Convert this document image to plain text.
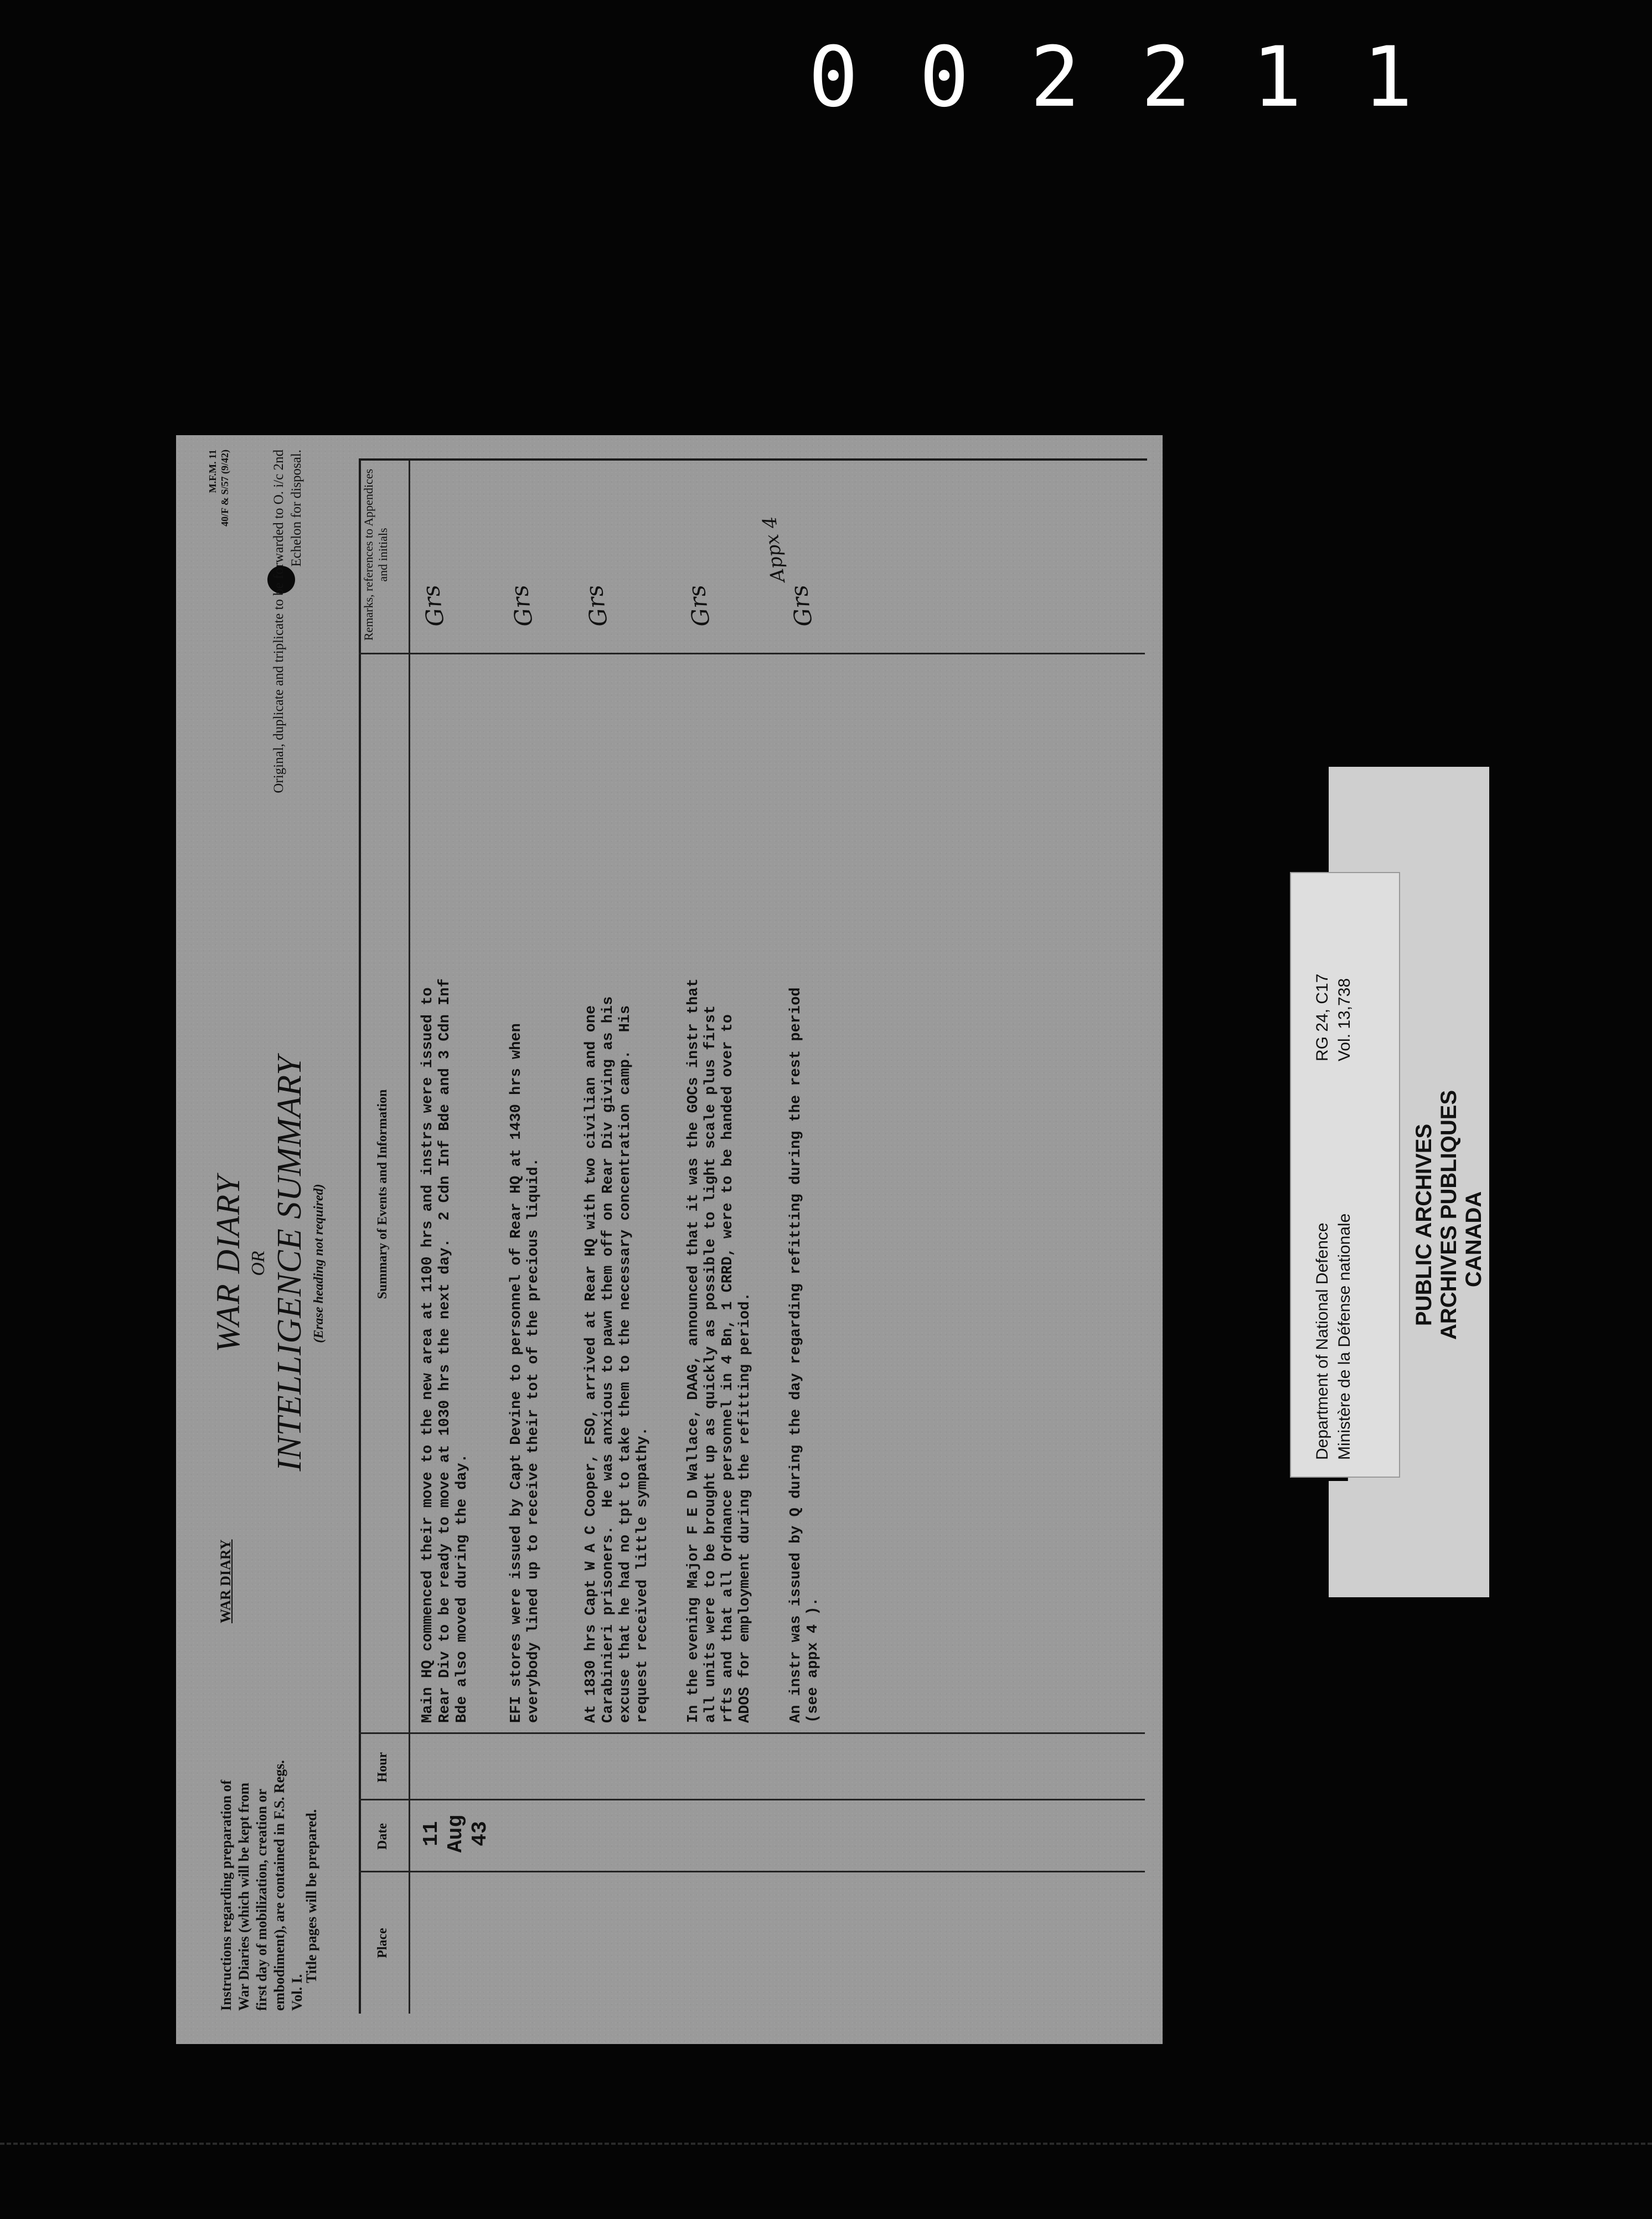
002211

Instructions regarding preparation of War Diaries (which will be kept from first day of mobilization, creation or embodiment), are contained in F.S. Regs. Vol. I.

Title pages will be prepared.
WAR DIARY
WAR DIARY OR INTELLIGENCE SUMMARY (Erase heading not required)
M.F.M. 11 40/F & S/57 (9/42)	Original, duplicate and triplicate to be forwarded to O. i/c 2nd Echelon for disposal.
Place
Date
Hour
Summary of Events and Information
Remarks, references to Appendices and initials
11 Aug 43
Main HQ commenced their move to the new area at 1100 hrs and instrs were issued to
Rear Div to be ready to move at 1030 hrs the next day.  2 Cdn Inf Bde and 3 Cdn Inf
Bde also moved during the day.
EFI stores were issued by Capt Devine to personnel of Rear HQ at 1430 hrs when
everybody lined up to receive their tot of the precious liquid.
At 1830 hrs Capt W A C Cooper, FSO, arrived at Rear HQ with two civilian and one
Carabinieri prisoners.  He was anxious to pawn them off on Rear Div giving as his
excuse that he had no tpt to take them to the necessary concentration camp.  His
request received little sympathy.
In the evening Major F E D Wallace, DAAG, announced that it was the GOCs instr that
all units were to be brought up as quickly as possible to light scale plus first
rfts and that all Ordnance personnel in 4 Bn, 1 CRRD, were to be handed over to
ADOS for employment during the refitting period.
An instr was issued by Q during the day regarding refitting during the rest period
(see appx 4 ).
Grs Grs Grs	Grs
Appx 4
Grs
Department of National Defence Ministère de la Défense nationale
RG 24, C17 Vol. 13,738
PUBLIC ARCHIVES ARCHIVES PUBLIQUES CANADA
